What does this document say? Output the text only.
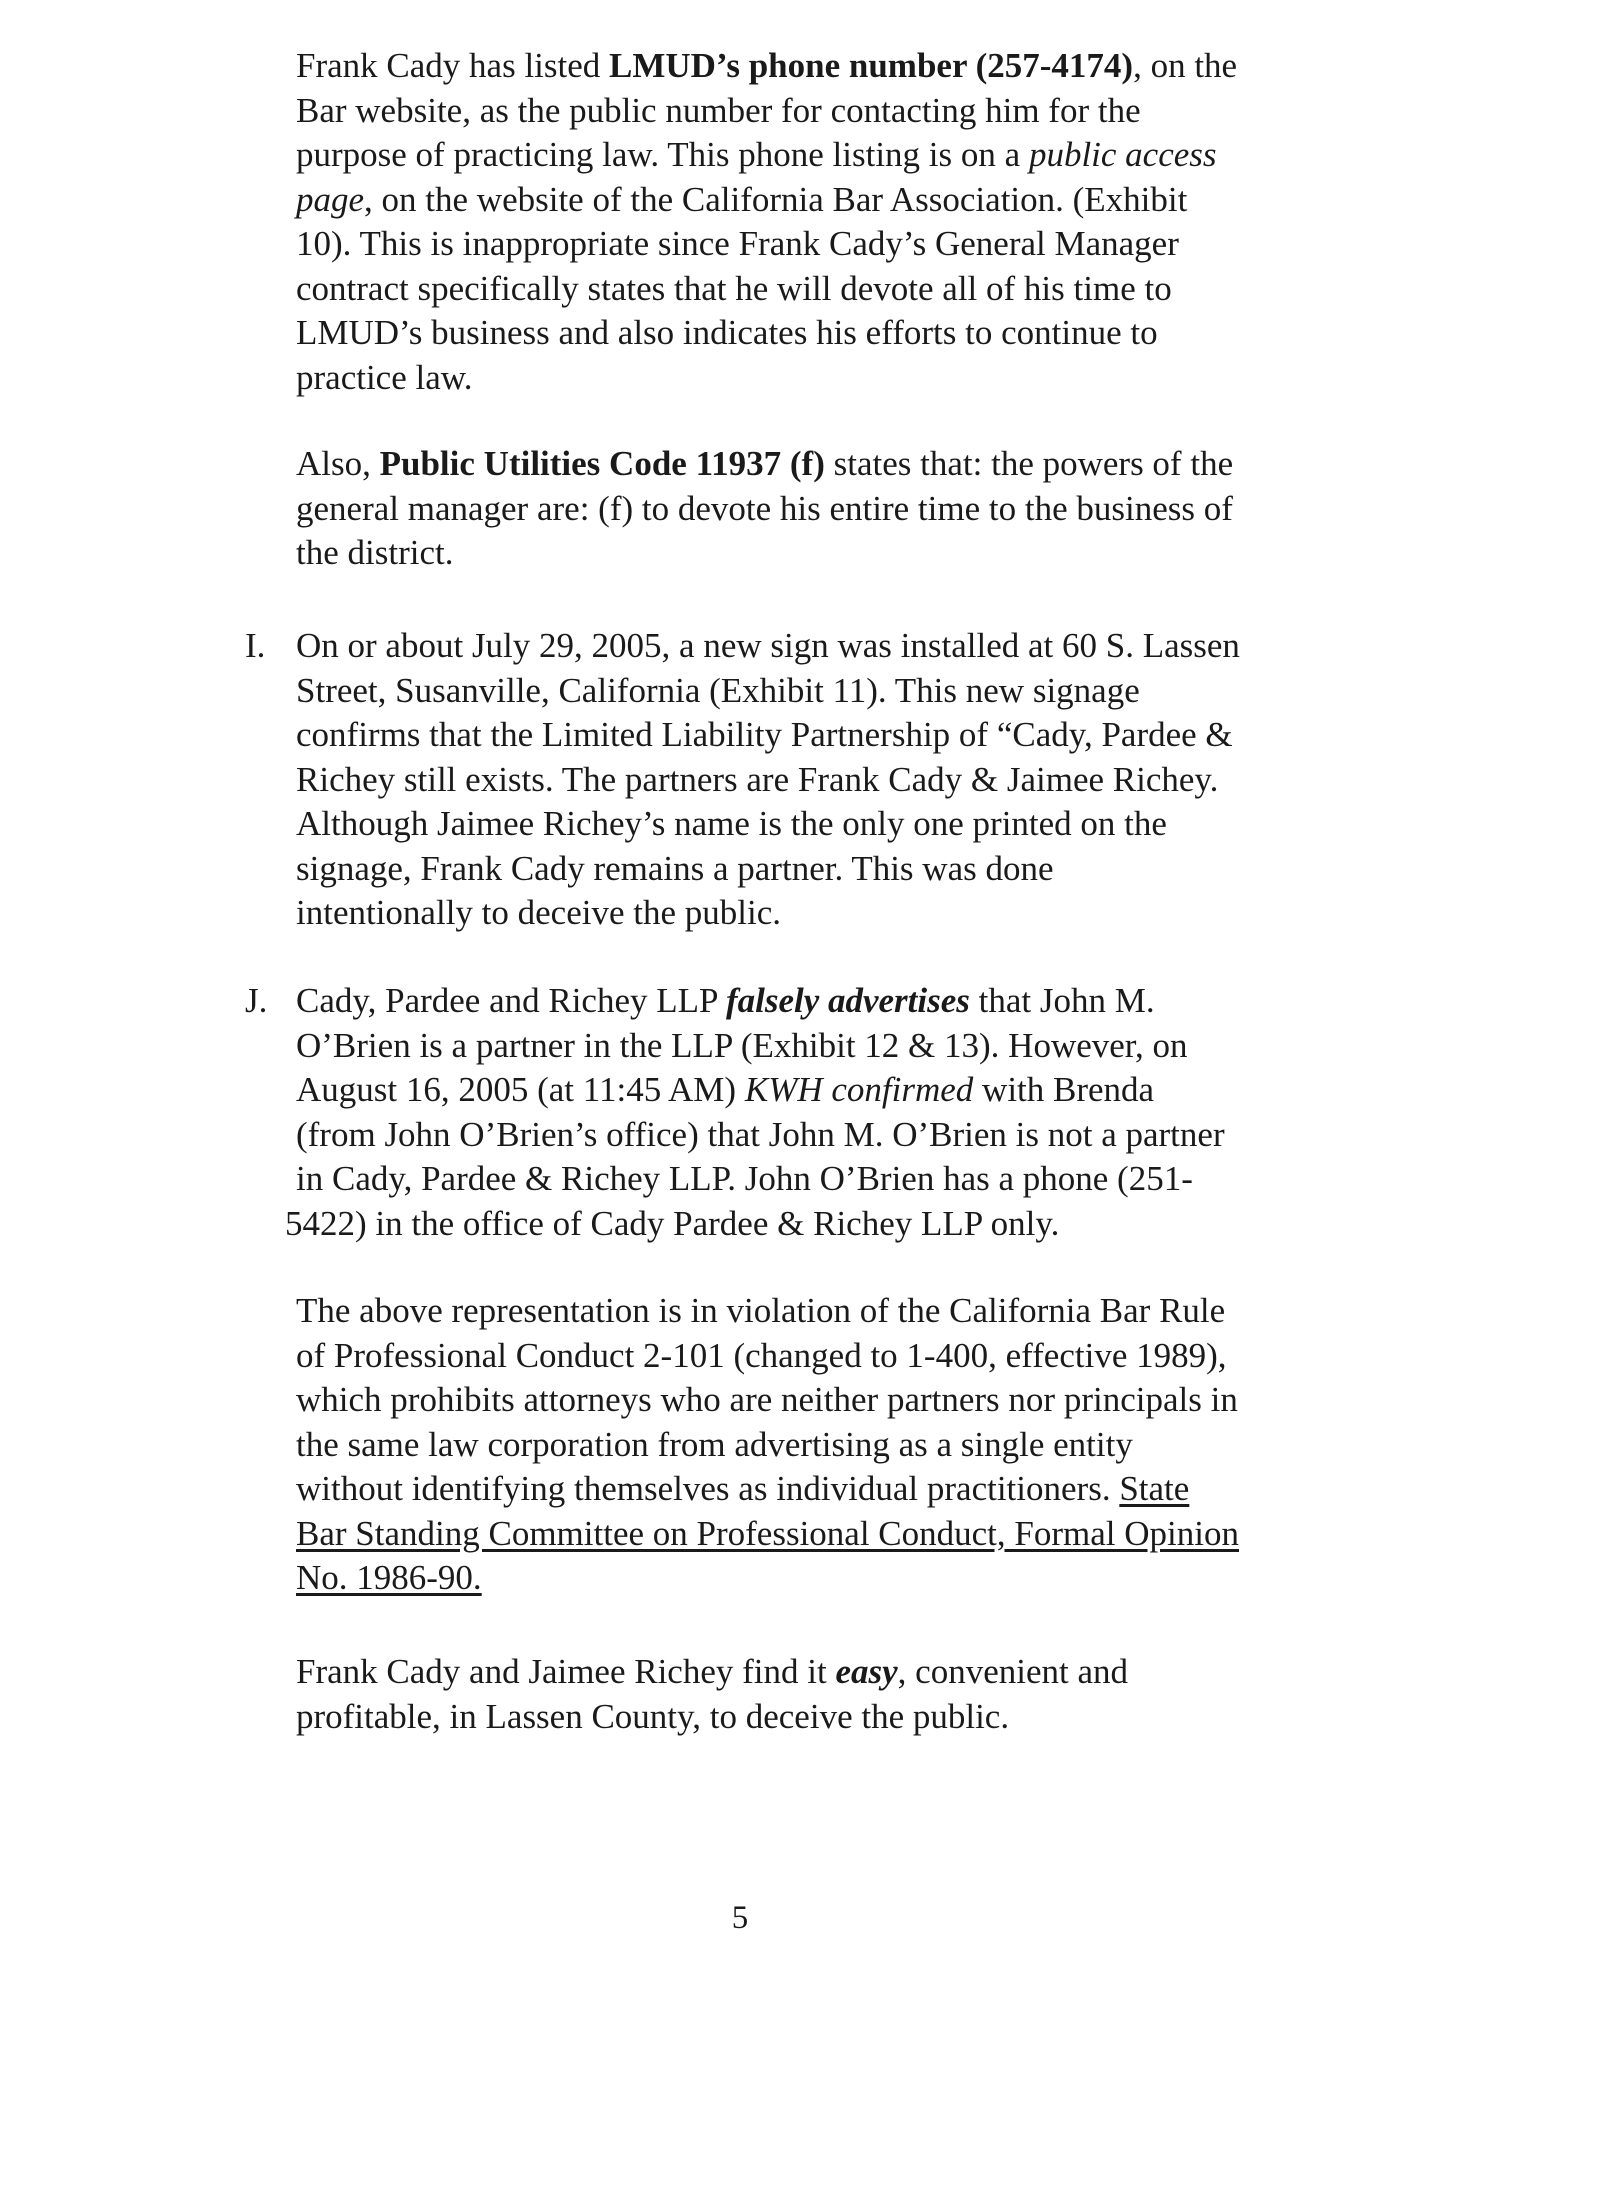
Frank Cady has listed LMUD’s phone number (257-4174), on the
Bar website, as the public number for contacting him for the
purpose of practicing law. This phone listing is on a public access
page, on the website of the California Bar Association. (Exhibit
10). This is inappropriate since Frank Cady’s General Manager
contract specifically states that he will devote all of his time to
LMUD’s business and also indicates his efforts to continue to
practice law.
Also, Public Utilities Code 11937 (f) states that: the powers of the
general manager are: (f) to devote his entire time to the business of
the district.
I. On or about July 29, 2005, a new sign was installed at 60 S. Lassen
Street, Susanville, California (Exhibit 11). This new signage
confirms that the Limited Liability Partnership of “Cady, Pardee &
Richey still exists. The partners are Frank Cady & Jaimee Richey.
Although Jaimee Richey’s name is the only one printed on the
signage, Frank Cady remains a partner. This was done
intentionally to deceive the public.
J. Cady, Pardee and Richey LLP falsely advertises that John M.
O’Brien is a partner in the LLP (Exhibit 12 & 13). However, on
August 16, 2005 (at 11:45 AM) KWH confirmed with Brenda
(from John O’Brien’s office) that John M. O’Brien is not a partner
in Cady, Pardee & Richey LLP. John O’Brien has a phone (251-
5422) in the office of Cady Pardee & Richey LLP only.
The above representation is in violation of the California Bar Rule
of Professional Conduct 2-101 (changed to 1-400, effective 1989),
which prohibits attorneys who are neither partners nor principals in
the same law corporation from advertising as a single entity
without identifying themselves as individual practitioners. State
Bar Standing Committee on Professional Conduct, Formal Opinion
No. 1986-90.
Frank Cady and Jaimee Richey find it easy, convenient and
profitable, in Lassen County, to deceive the public.
5
